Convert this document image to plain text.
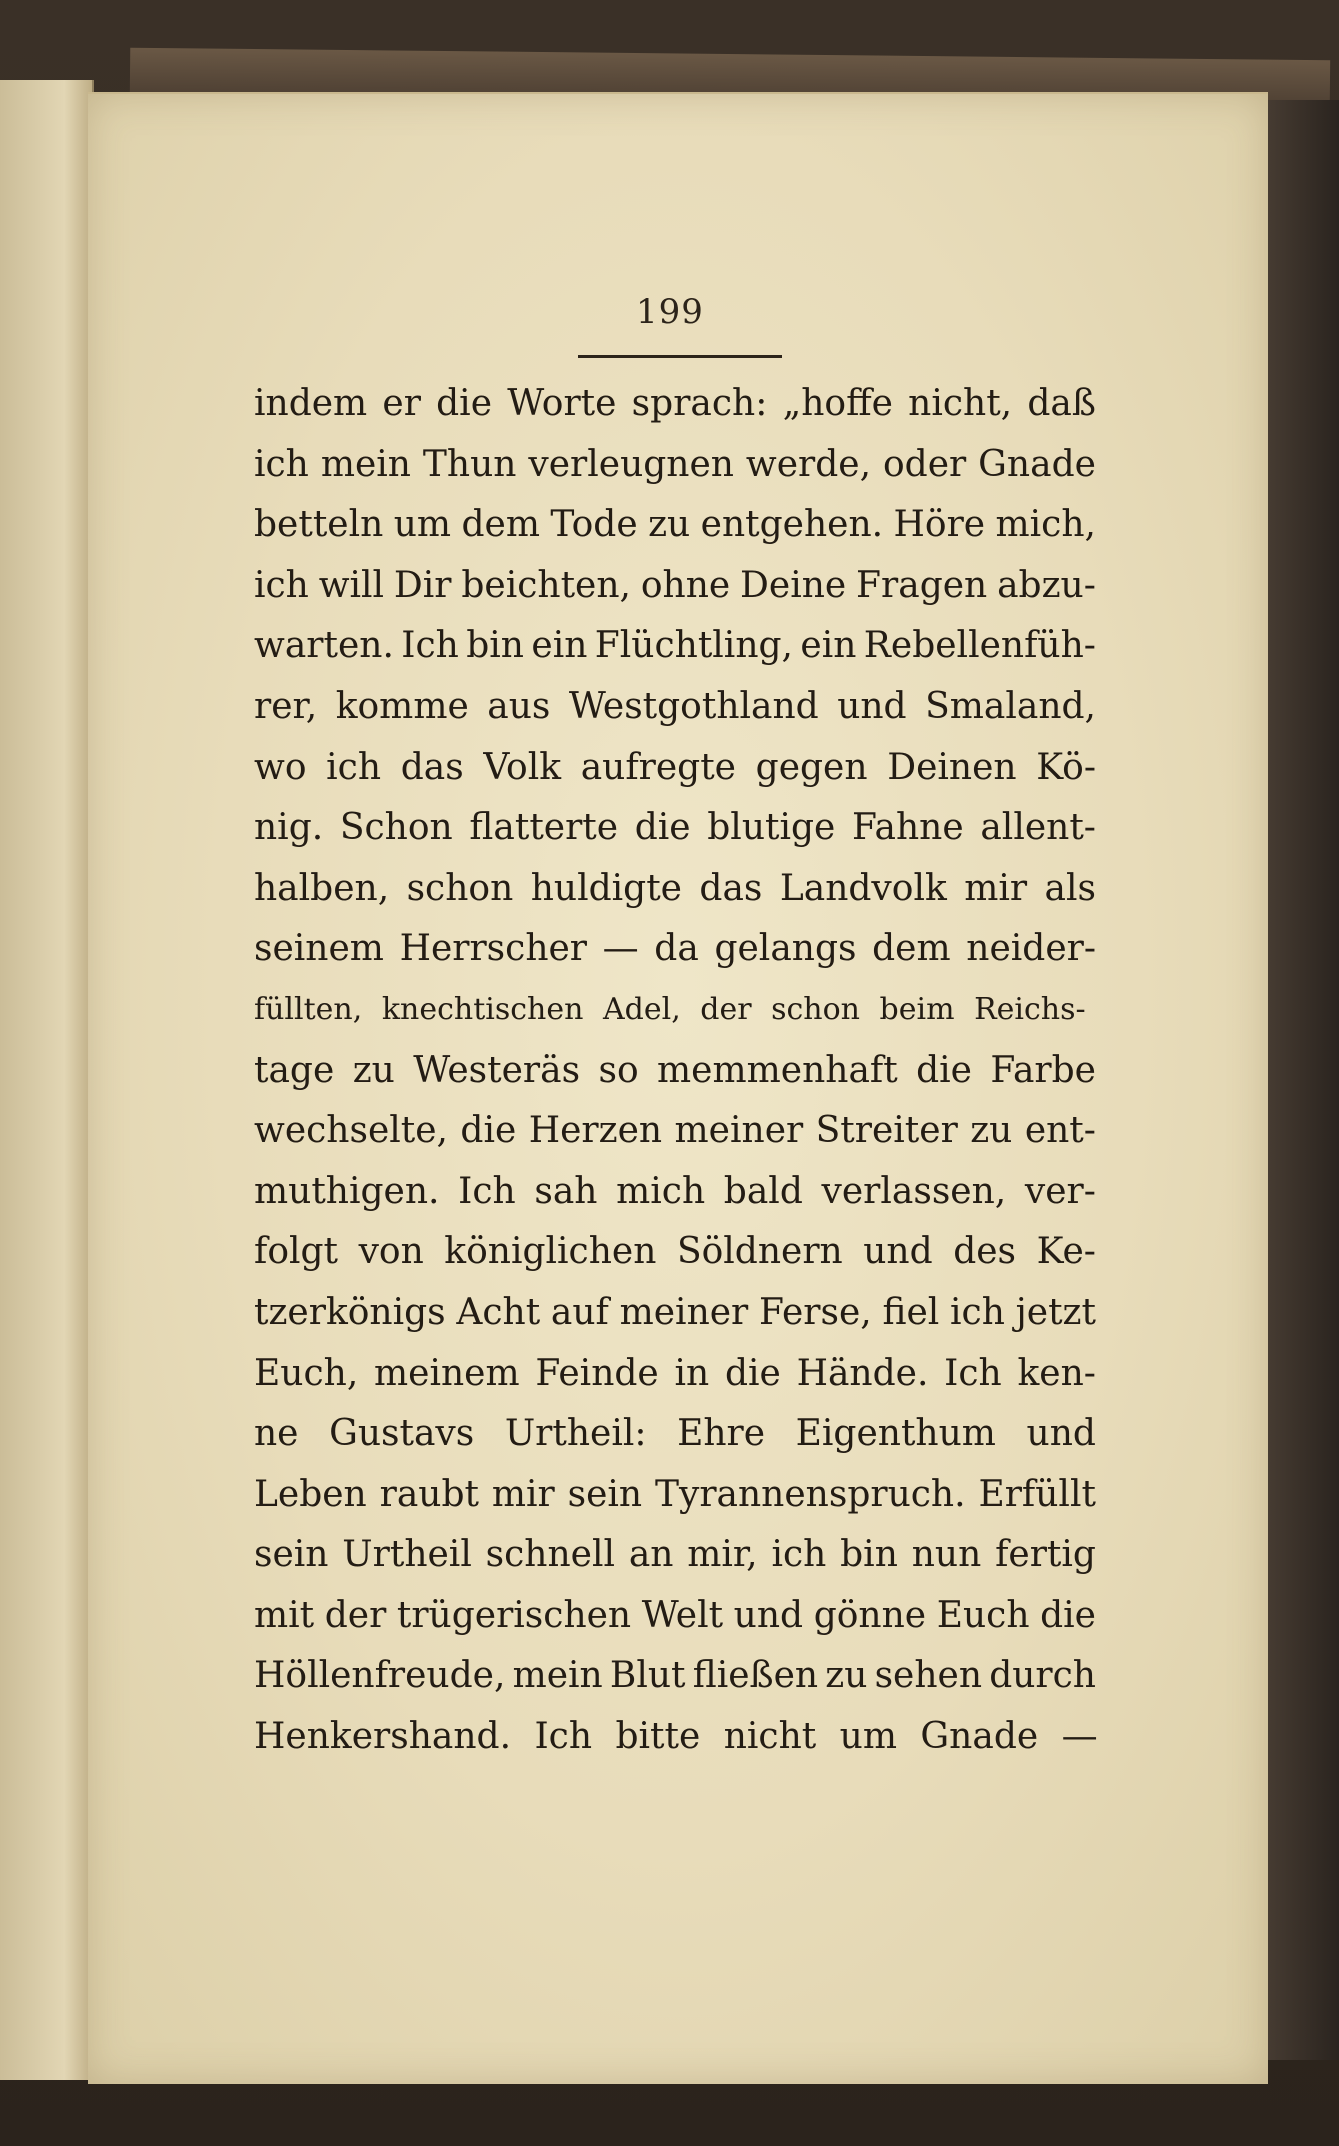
199
indem er die Worte sprach: „hoffe nicht, daß
ich mein Thun verleugnen werde, oder Gnade
betteln um dem Tode zu entgehen. Höre mich,
ich will Dir beichten, ohne Deine Fragen abzu-
warten. Ich bin ein Flüchtling, ein Rebellenfüh-
rer, komme aus Westgothland und Smaland,
wo ich das Volk aufregte gegen Deinen Kö-
nig. Schon flatterte die blutige Fahne allent-
halben, schon huldigte das Landvolk mir als
seinem Herrscher — da gelangs dem neider-
füllten, knechtischen Adel, der schon beim Reichs-
tage zu Westeräs so memmenhaft die Farbe
wechselte, die Herzen meiner Streiter zu ent-
muthigen. Ich sah mich bald verlassen, ver-
folgt von königlichen Söldnern und des Ke-
tzerkönigs Acht auf meiner Ferse, fiel ich jetzt
Euch, meinem Feinde in die Hände. Ich ken-
ne Gustavs Urtheil: Ehre Eigenthum und
Leben raubt mir sein Tyrannenspruch. Erfüllt
sein Urtheil schnell an mir, ich bin nun fertig
mit der trügerischen Welt und gönne Euch die
Höllenfreude, mein Blut fließen zu sehen durch
Henkershand. Ich bitte nicht um Gnade —
